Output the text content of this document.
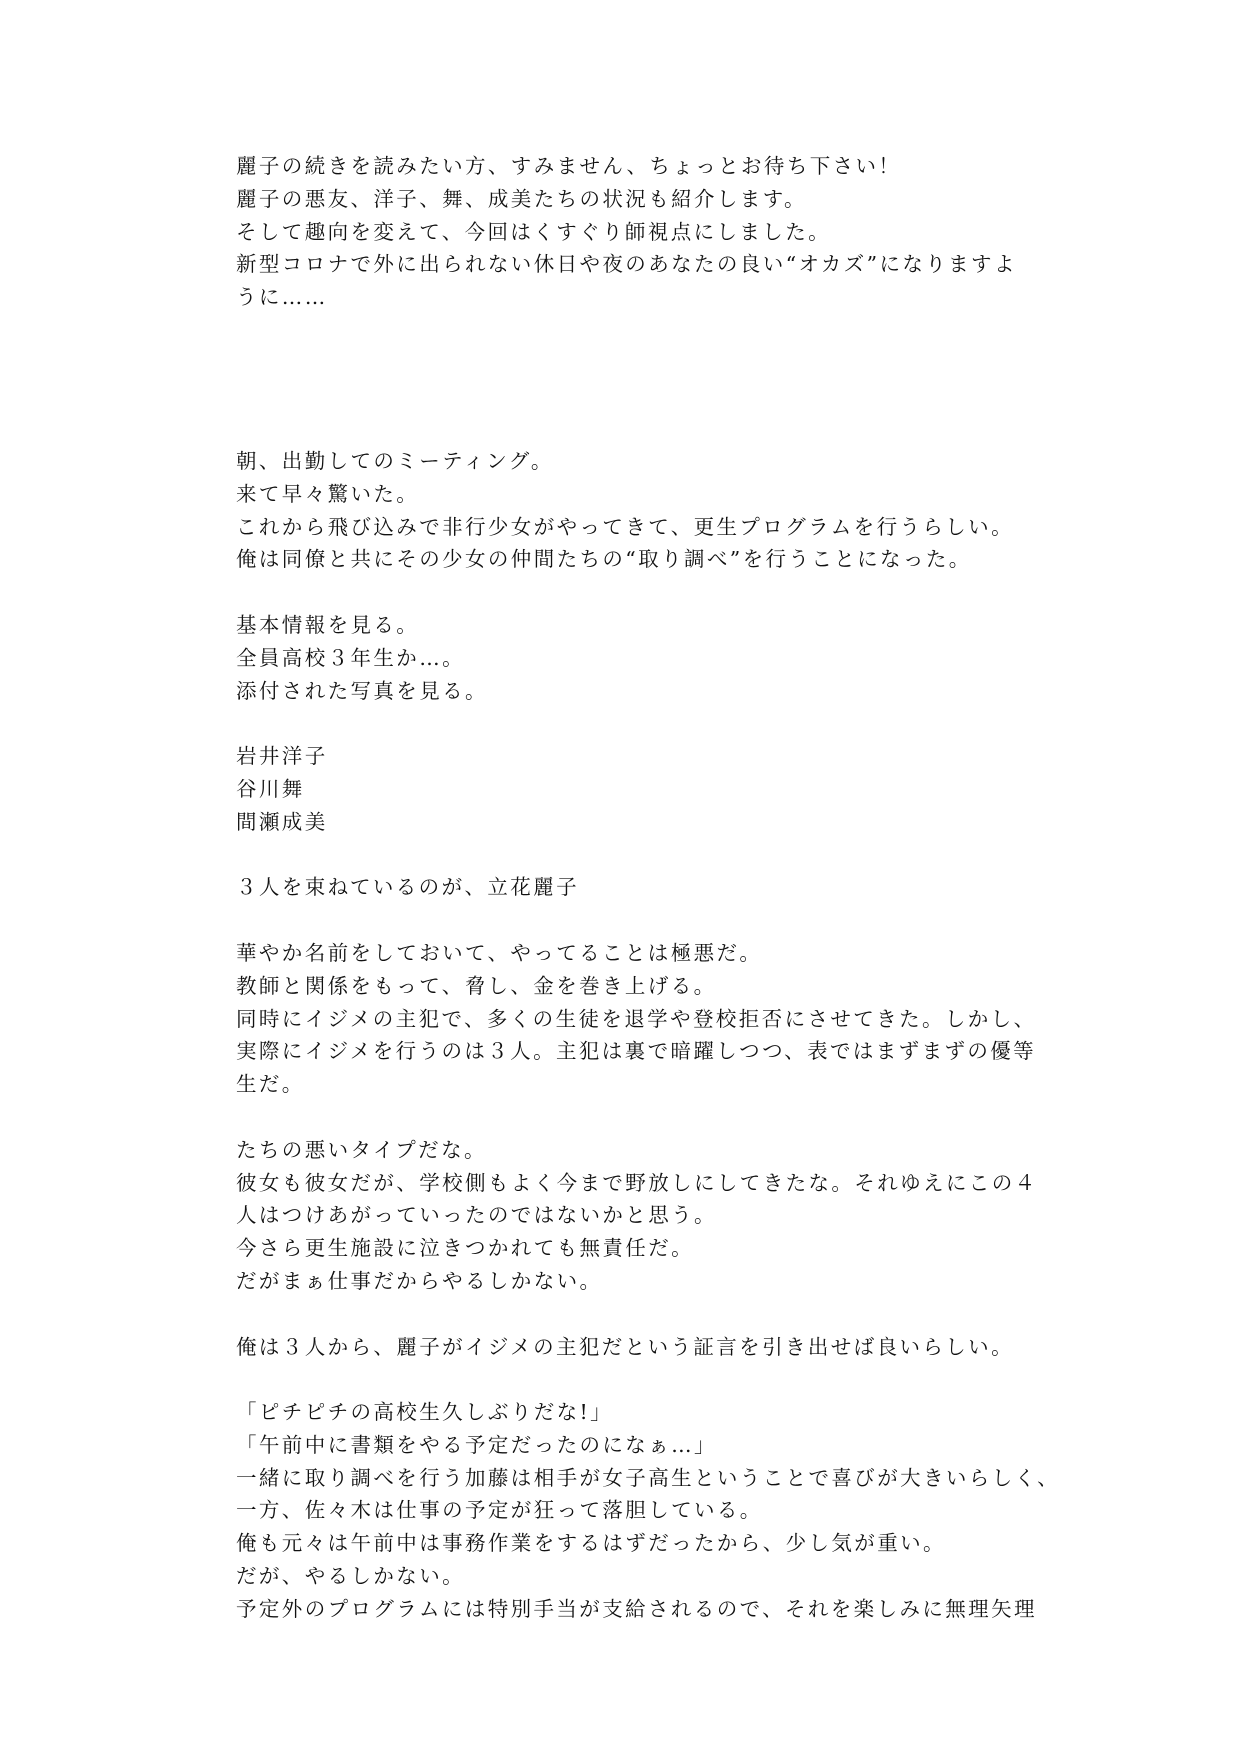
麗子の続きを読みたい方、すみません、ちょっとお待ち下さい！
麗子の悪友、洋子、舞、成美たちの状況も紹介します。
そして趣向を変えて、今回はくすぐり師視点にしました。
新型コロナで外に出られない休日や夜のあなたの良い“オカズ”になりますよ
うに……
朝、出勤してのミーティング。
来て早々驚いた。
これから飛び込みで非行少女がやってきて、更生プログラムを行うらしい。
俺は同僚と共にその少女の仲間たちの“取り調べ”を行うことになった。
基本情報を見る。
全員高校３年生か…。
添付された写真を見る。
岩井洋子
谷川舞
間瀬成美
３人を束ねているのが、立花麗子
華やか名前をしておいて、やってることは極悪だ。
教師と関係をもって、脅し、金を巻き上げる。
同時にイジメの主犯で、多くの生徒を退学や登校拒否にさせてきた。しかし、
実際にイジメを行うのは３人。主犯は裏で暗躍しつつ、表ではまずまずの優等
生だ。
たちの悪いタイプだな。
彼女も彼女だが、学校側もよく今まで野放しにしてきたな。それゆえにこの４
人はつけあがっていったのではないかと思う。
今さら更生施設に泣きつかれても無責任だ。
だがまぁ仕事だからやるしかない。
俺は３人から、麗子がイジメの主犯だという証言を引き出せば良いらしい。
「ピチピチの高校生久しぶりだな!」
「午前中に書類をやる予定だったのになぁ…」
一緒に取り調べを行う加藤は相手が女子高生ということで喜びが大きいらしく、
一方、佐々木は仕事の予定が狂って落胆している。
俺も元々は午前中は事務作業をするはずだったから、少し気が重い。
だが、やるしかない。
予定外のプログラムには特別手当が支給されるので、それを楽しみに無理矢理
